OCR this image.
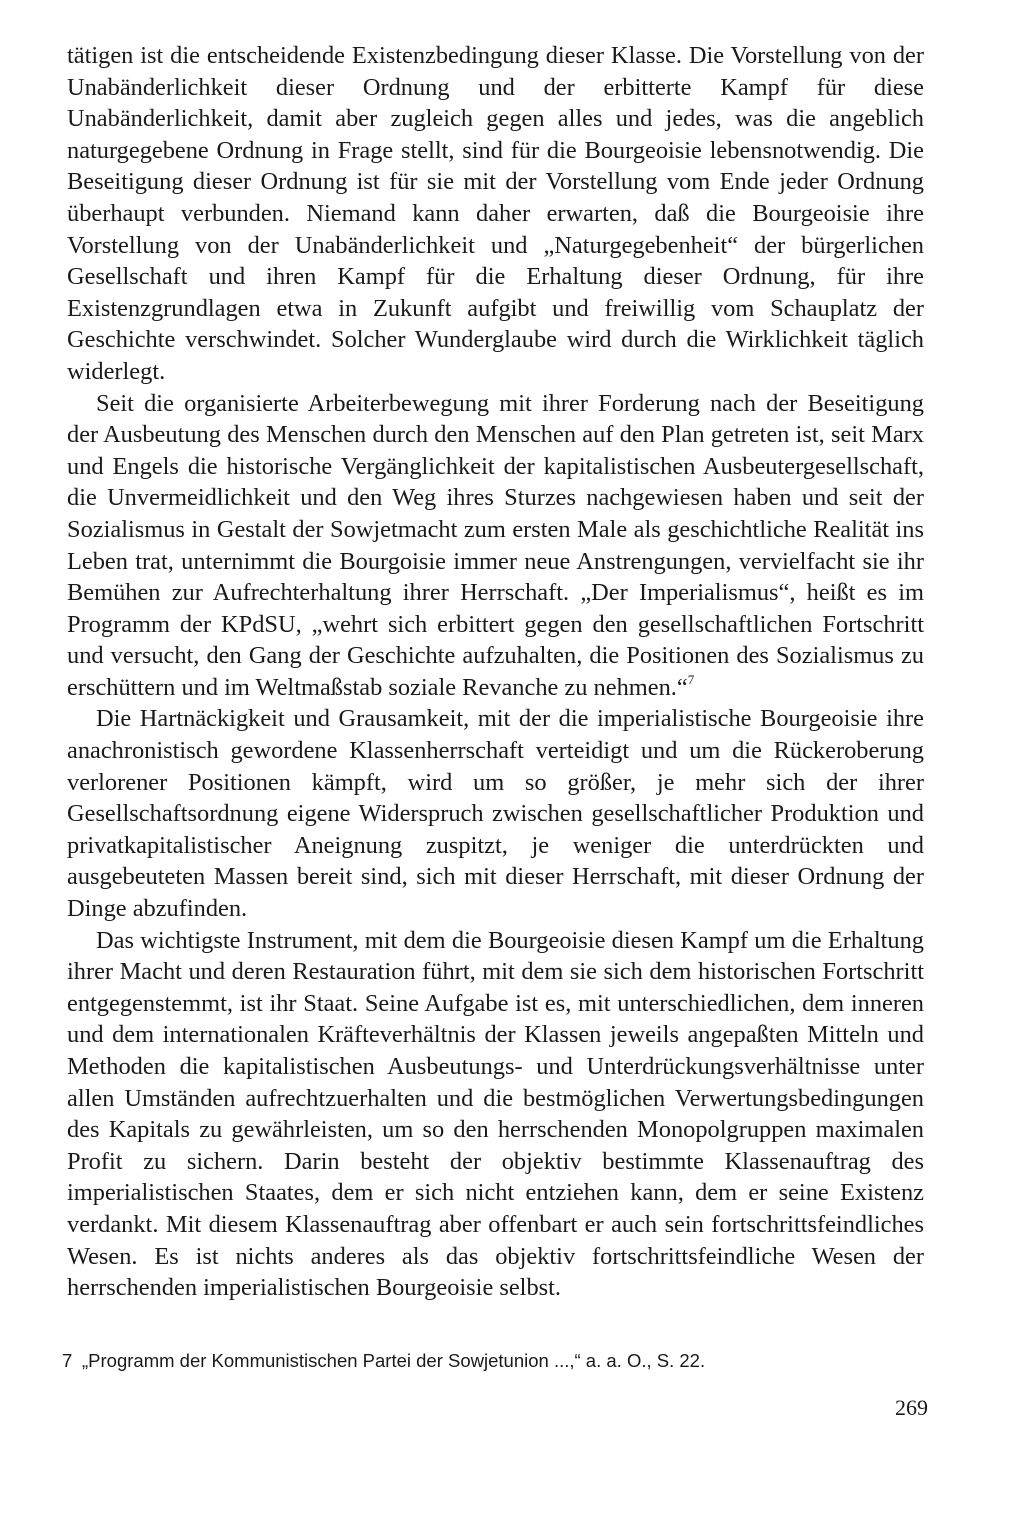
tätigen ist die entscheidende Existenzbedingung dieser Klasse. Die Vorstellung von der Unabänderlichkeit dieser Ordnung und der erbitterte Kampf für diese Unabänderlichkeit, damit aber zugleich gegen alles und jedes, was die angeblich naturgegebene Ordnung in Frage stellt, sind für die Bourgeoisie lebensnotwendig. Die Beseitigung dieser Ordnung ist für sie mit der Vorstellung vom Ende jeder Ordnung überhaupt verbunden. Niemand kann daher erwarten, daß die Bourgeoisie ihre Vorstellung von der Unabänderlichkeit und „Naturgegebenheit“ der bürgerlichen Gesellschaft und ihren Kampf für die Erhaltung dieser Ordnung, für ihre Existenzgrundlagen etwa in Zukunft aufgibt und freiwillig vom Schauplatz der Geschichte verschwindet. Solcher Wunderglaube wird durch die Wirklichkeit täglich widerlegt.

Seit die organisierte Arbeiterbewegung mit ihrer Forderung nach der Beseitigung der Ausbeutung des Menschen durch den Menschen auf den Plan getreten ist, seit Marx und Engels die historische Vergänglichkeit der kapitalistischen Ausbeutergesellschaft, die Unvermeidlichkeit und den Weg ihres Sturzes nachgewiesen haben und seit der Sozialismus in Gestalt der Sowjetmacht zum ersten Male als geschichtliche Realität ins Leben trat, unternimmt die Bourgoisie immer neue Anstrengungen, vervielfacht sie ihr Bemühen zur Aufrechterhaltung ihrer Herrschaft. „Der Imperialismus“, heißt es im Programm der KPdSU, „wehrt sich erbittert gegen den gesellschaftlichen Fortschritt und versucht, den Gang der Geschichte aufzuhalten, die Positionen des Sozialismus zu erschüttern und im Weltmaßstab soziale Revanche zu nehmen.“$^7$

Die Hartnäckigkeit und Grausamkeit, mit der die imperialistische Bourgeoisie ihre anachronistisch gewordene Klassenherrschaft verteidigt und um die Rückeroberung verlorener Positionen kämpft, wird um so größer, je mehr sich der ihrer Gesellschaftsordnung eigene Widerspruch zwischen gesellschaftlicher Produktion und privatkapitalistischer Aneignung zuspitzt, je weniger die unterdrückten und ausgebeuteten Massen bereit sind, sich mit dieser Herrschaft, mit dieser Ordnung der Dinge abzufinden.

Das wichtigste Instrument, mit dem die Bourgeoisie diesen Kampf um die Erhaltung ihrer Macht und deren Restauration führt, mit dem sie sich dem historischen Fortschritt entgegenstemmt, ist ihr Staat. Seine Aufgabe ist es, mit unterschiedlichen, dem inneren und dem internationalen Kräfteverhältnis der Klassen jeweils angepaßten Mitteln und Methoden die kapitalistischen Ausbeutungs- und Unterdrückungsverhältnisse unter allen Umständen aufrechtzuerhalten und die bestmöglichen Verwertungsbedingungen des Kapitals zu gewährleisten, um so den herrschenden Monopolgruppen maximalen Profit zu sichern. Darin besteht der objektiv bestimmte Klassenauftrag des imperialistischen Staates, dem er sich nicht entziehen kann, dem er seine Existenz verdankt. Mit diesem Klassenauftrag aber offenbart er auch sein fortschrittsfeindliches Wesen. Es ist nichts anderes als das objektiv fortschrittsfeindliche Wesen der herrschenden imperialistischen Bourgeoisie selbst.

7 „Programm der Kommunistischen Partei der Sowjetunion ...,“ a. a. O., S. 22.
269
